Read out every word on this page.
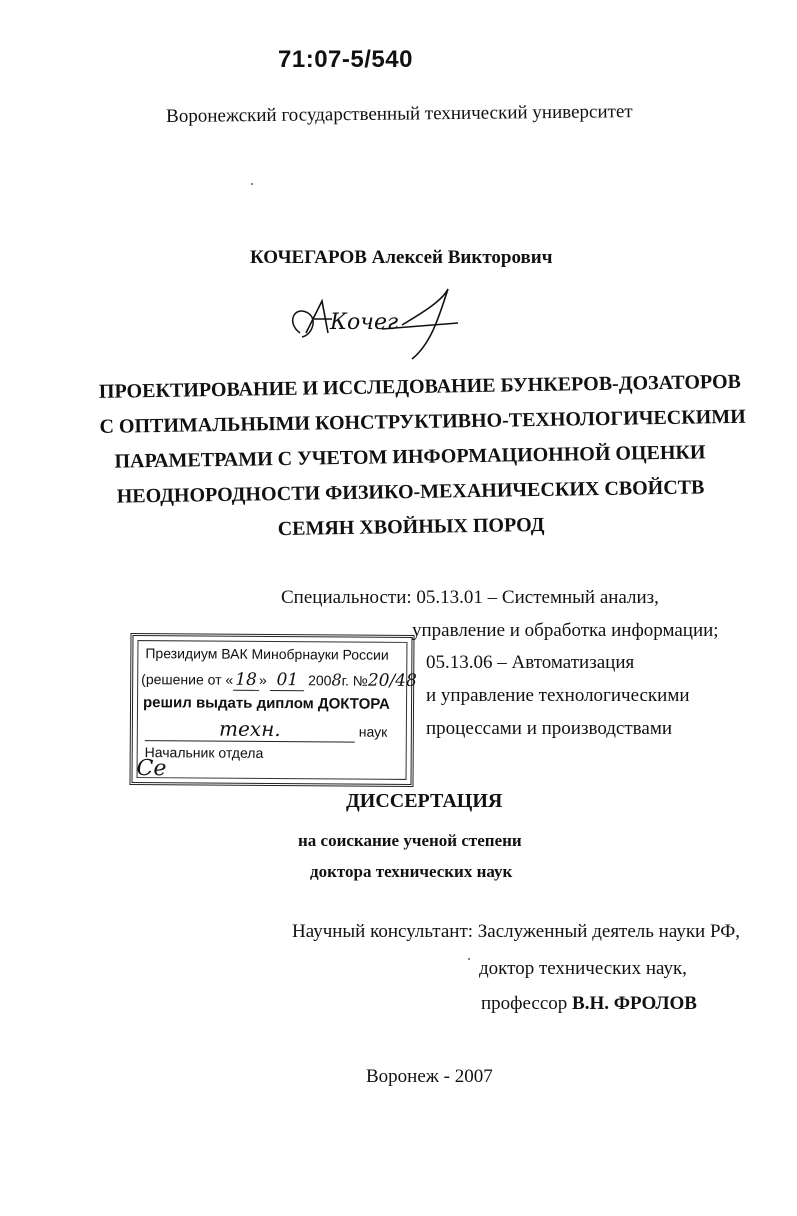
71:07-5/540
Воронежский государственный технический университет
КОЧЕГАРОВ Алексей Викторович
Кочег
ПРОЕКТИРОВАНИЕ И ИССЛЕДОВАНИЕ БУНКЕРОВ-ДОЗАТОРОВ
С ОПТИМАЛЬНЫМИ КОНСТРУКТИВНО-ТЕХНОЛОГИЧЕСКИМИ
ПАРАМЕТРАМИ С УЧЕТОМ ИНФОРМАЦИОННОЙ ОЦЕНКИ
НЕОДНОРОДНОСТИ ФИЗИКО-МЕХАНИЧЕСКИХ СВОЙСТВ
СЕМЯН ХВОЙНЫХ ПОРОД
Специальности: 05.13.01 – Системный анализ,
управление и обработка информации;
05.13.06 – Автоматизация
и управление технологическими
процессами и производствами
Президиум ВАК Минобрнауки России
(решение от « 18 » 01 2008г. №20/48
решил выдать диплом ДОКТОРА
техн.	наук
Начальник отдела
Се
ДИССЕРТАЦИЯ
на соискание ученой степени
доктора технических наук
Научный консультант: Заслуженный деятель науки РФ,
доктор технических наук,
профессор В.Н. ФРОЛОВ
Воронеж - 2007
